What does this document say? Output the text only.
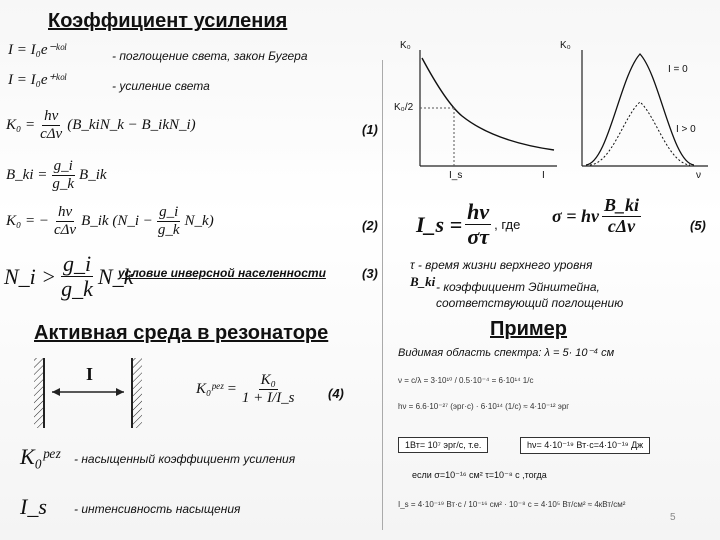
Коэффициент усиления
I = I₀e⁻ᵏᵒˡ	- поглощение света, закон Бугера
I = I₀e⁺ᵏᵒˡ	- усиление света
$K_0 = \frac{h\nu}{\text{cΔν}}$ (B_kiN_k − B_ikN_i)	(1)
B_ki = $\frac{g\_i}{g\_k}$ B_ik
K₀ = − $\frac{h\nu}{\text{cΔν}}$ B_ik (N_i − $\frac{g\_i}{g\_k}$ N_k)	(2)
N_i > $\frac{g\_i}{g\_k}$ N_k
условие инверсной населенности	(3)
Активная среда в резонаторе
I
K₀ᵖᵉᶻ = $\frac{\text{K₀}}{1 + I/I\_s} (4)$
K₀ᵖᵉᶻ - насыщенный коэффициент усиления
I_s - интенсивность насыщения
K₀
K₀/2
I_s	I
K₀
I = 0
I > 0
ν
I_s = $\frac{h\nu}{\sigma\tau}$ , где σ = hν $\frac{B\_ki}{\text{cΔν}}$	(5)
τ - время жизни верхнего уровня
B_ki - коэффициент Эйнштейна,
соответствующий поглощению
Пример
Видимая область спектра: λ = 5· 10⁻⁴ см
ν = c/λ = 3·10¹⁰ / 0.5·10⁻⁴ = 6·10¹⁴ 1/c
hν = 6.6·10⁻²⁷ (эрг·с) · 6·10¹⁴ (1/c) ≈ 4·10⁻¹² эрг
1Вт= 10⁷ эрг/с, т.е.	hν= 4·10⁻¹⁹ Вт·с=4·10⁻¹⁹ Дж
если σ=10⁻¹⁶ см² τ=10⁻⁸ с ,тогда
I_s = 4·10⁻¹⁹ Вт·с / 10⁻¹⁶ см² · 10⁻⁸ с = 4·10⁵ Вт/см² ≈ 4кВт/см²
5
